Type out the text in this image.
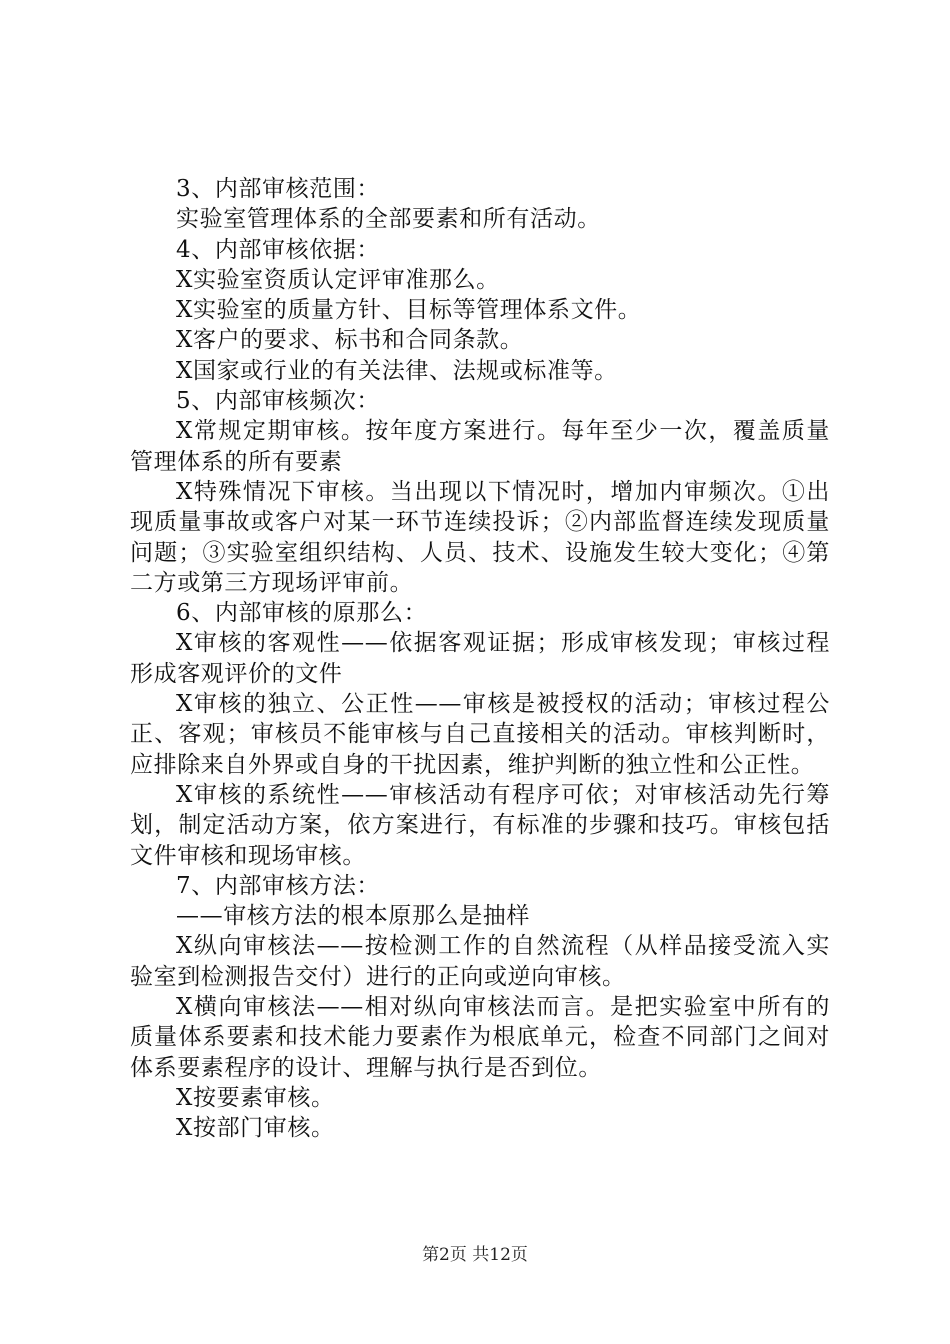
3、内部审核范围：

实验室管理体系的全部要素和所有活动。

4、内部审核依据：

X实验室资质认定评审准那么。

X实验室的质量方针、目标等管理体系文件。

X客户的要求、标书和合同条款。

X国家或行业的有关法律、法规或标准等。

5、内部审核频次：

X常规定期审核。按年度方案进行。每年至少一次，覆盖质量管理体系的所有要素

X特殊情况下审核。当出现以下情况时，增加内审频次。①出现质量事故或客户对某一环节连续投诉；②内部监督连续发现质量问题；③实验室组织结构、人员、技术、设施发生较大变化；④第二方或第三方现场评审前。

6、内部审核的原那么：

X审核的客观性——依据客观证据；形成审核发现；审核过程形成客观评价的文件

X审核的独立、公正性——审核是被授权的活动；审核过程公正、客观；审核员不能审核与自己直接相关的活动。审核判断时，应排除来自外界或自身的干扰因素，维护判断的独立性和公正性。

X审核的系统性——审核活动有程序可依；对审核活动先行筹划，制定活动方案，依方案进行，有标准的步骤和技巧。审核包括文件审核和现场审核。

7、内部审核方法：

——审核方法的根本原那么是抽样

X纵向审核法——按检测工作的自然流程（从样品接受流入实验室到检测报告交付）进行的正向或逆向审核。

X横向审核法——相对纵向审核法而言。是把实验室中所有的质量体系要素和技术能力要素作为根底单元，检查不同部门之间对体系要素程序的设计、理解与执行是否到位。

X按要素审核。

X按部门审核。

第2页 共12页
